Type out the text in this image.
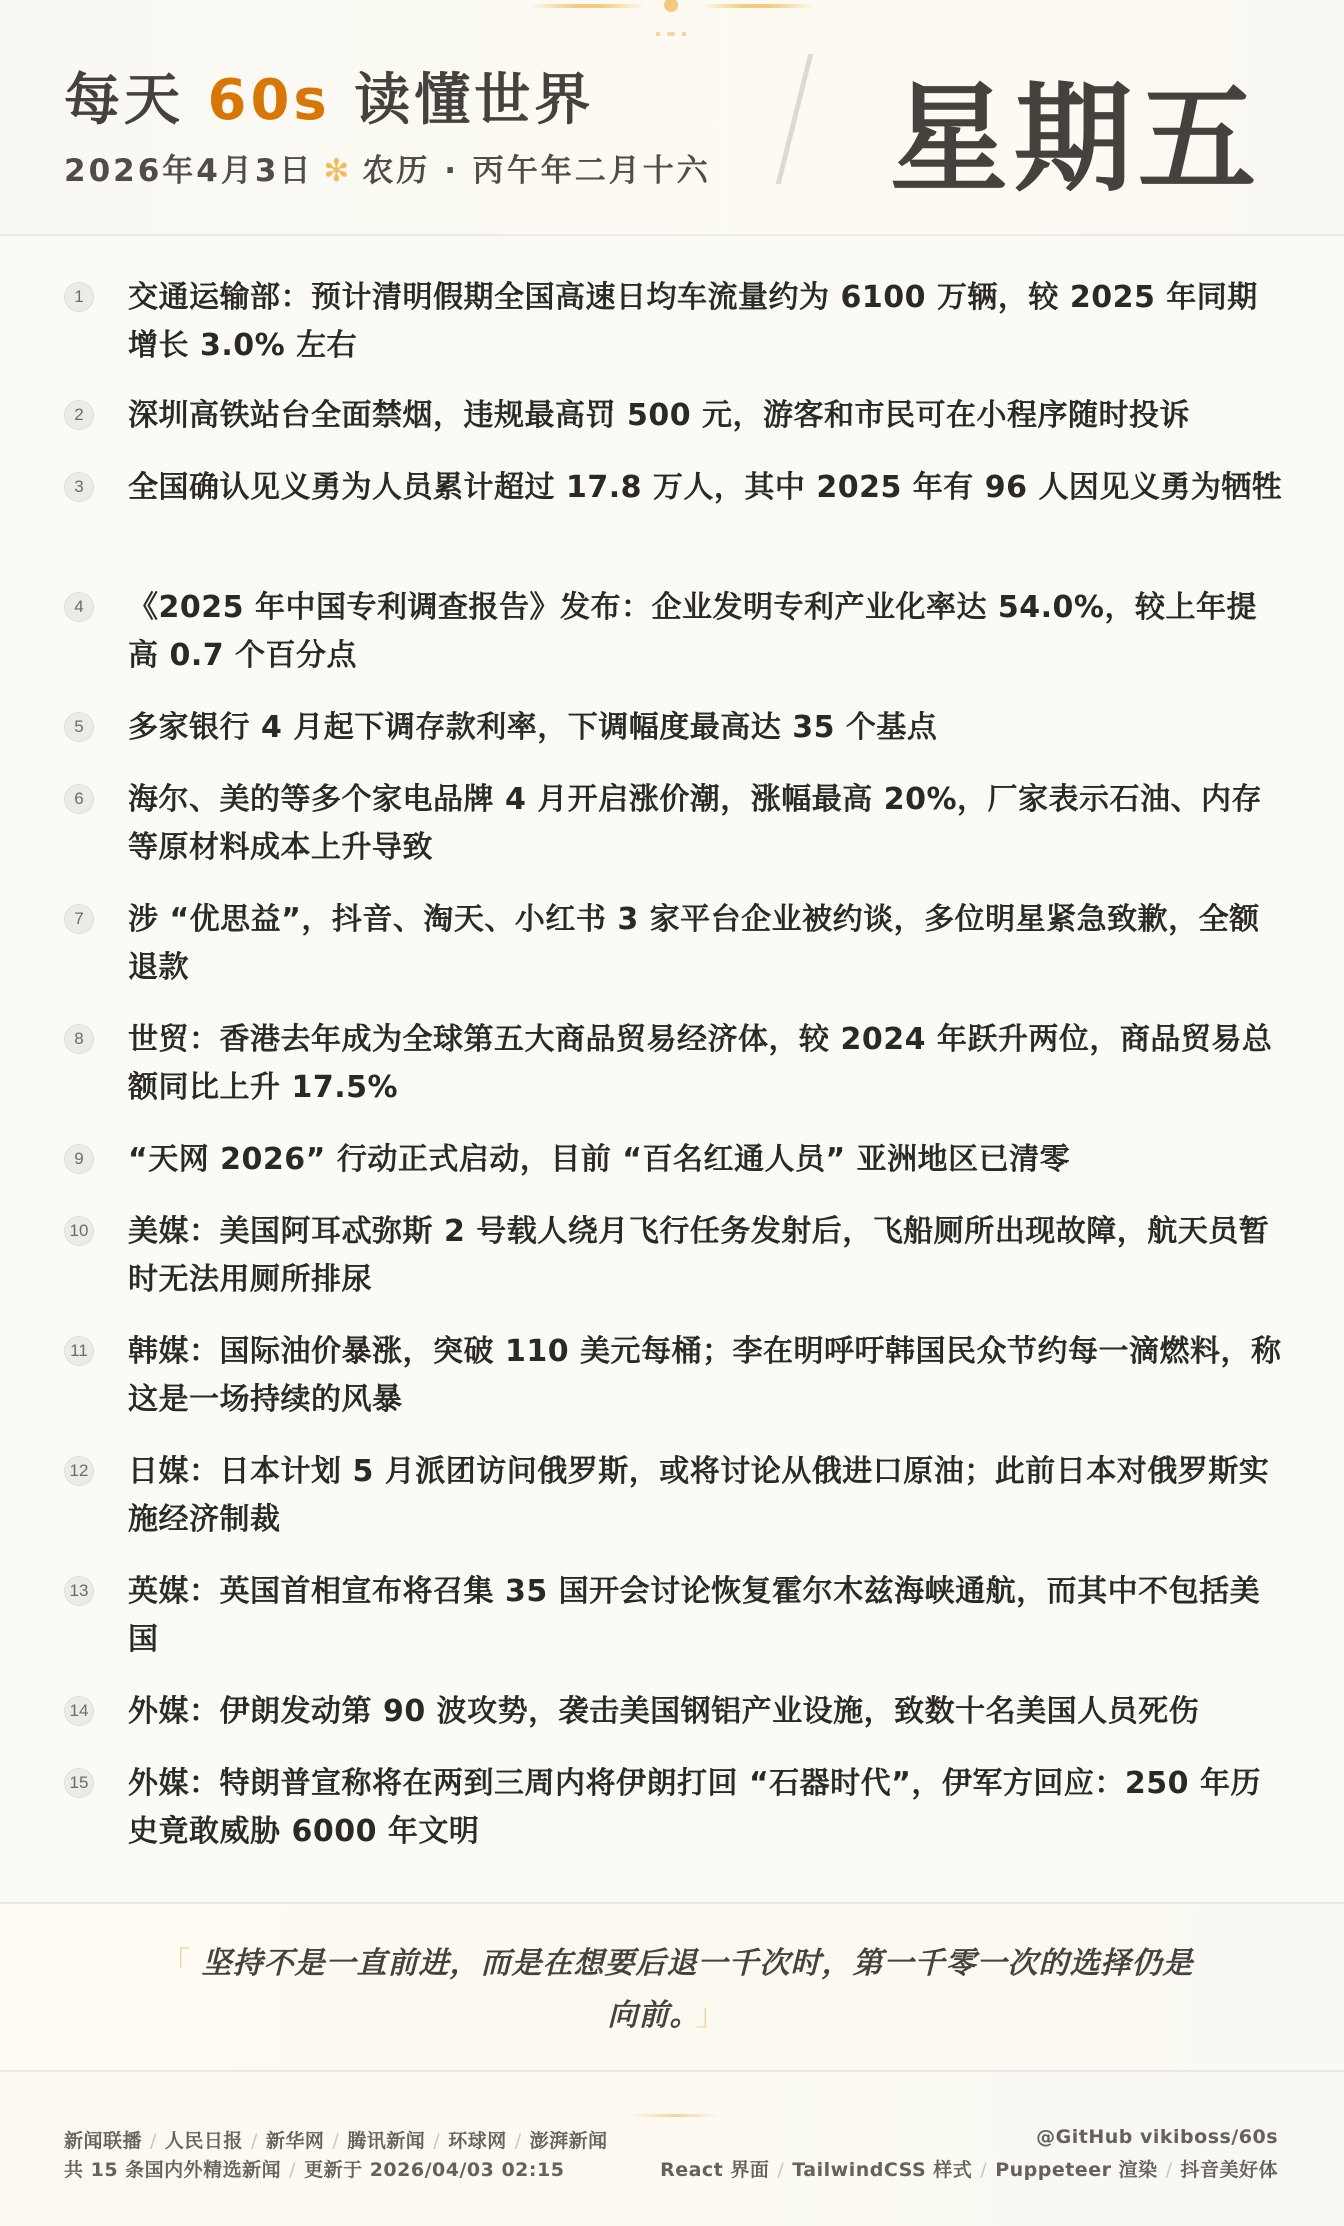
每天 60s 读懂世界
2026年4月3日 ✻ 农历 · 丙午年二月十六 星期五
1	交通运输部：预计清明假期全国高速日均车流量约为 6100 万辆，较 2025 年同期增长 3.0% 左右
2	深圳高铁站台全面禁烟，违规最高罚 500 元，游客和市民可在小程序随时投诉
3	全国确认见义勇为人员累计超过 17.8 万人，其中 2025 年有 96 人因见义勇为牺牲
4	《2025 年中国专利调查报告》发布：企业发明专利产业化率达 54.0%，较上年提高 0.7 个百分点
5	多家银行 4 月起下调存款利率，下调幅度最高达 35 个基点
6	海尔、美的等多个家电品牌 4 月开启涨价潮，涨幅最高 20%，厂家表示石油、内存等原材料成本上升导致
7	涉 “优思益”，抖音、淘天、小红书 3 家平台企业被约谈，多位明星紧急致歉，全额退款
8	世贸：香港去年成为全球第五大商品贸易经济体，较 2024 年跃升两位，商品贸易总额同比上升 17.5%
9	“天网 2026” 行动正式启动，目前 “百名红通人员” 亚洲地区已清零
10 美媒：美国阿耳忒弥斯 2 号载人绕月飞行任务发射后，飞船厕所出现故障，航天员暂时无法用厕所排尿
11 韩媒：国际油价暴涨，突破 110 美元每桶；李在明呼吁韩国民众节约每一滴燃料，称这是一场持续的风暴
12 日媒：日本计划 5 月派团访问俄罗斯，或将讨论从俄进口原油；此前日本对俄罗斯实施经济制裁
13 英媒：英国首相宣布将召集 35 国开会讨论恢复霍尔木兹海峡通航，而其中不包括美国
14 外媒：伊朗发动第 90 波攻势，袭击美国钢铝产业设施，致数十名美国人员死伤
15 外媒：特朗普宣称将在两到三周内将伊朗打回 “石器时代”，伊军方回应：250 年历史竟敢威胁 6000 年文明

「 坚持不是一直前进，而是在想要后退一千次时，第一千零一次的选择仍是向前。 」

新闻联播 / 人民日报 / 新华网 / 腾讯新闻 / 环球网 / 澎湃新闻
共 15 条国内外精选新闻 / 更新于 2026/04/03 02:15
@GitHub vikiboss/60s
React 界面 / TailwindCSS 样式 / Puppeteer 渲染 / 抖音美好体
